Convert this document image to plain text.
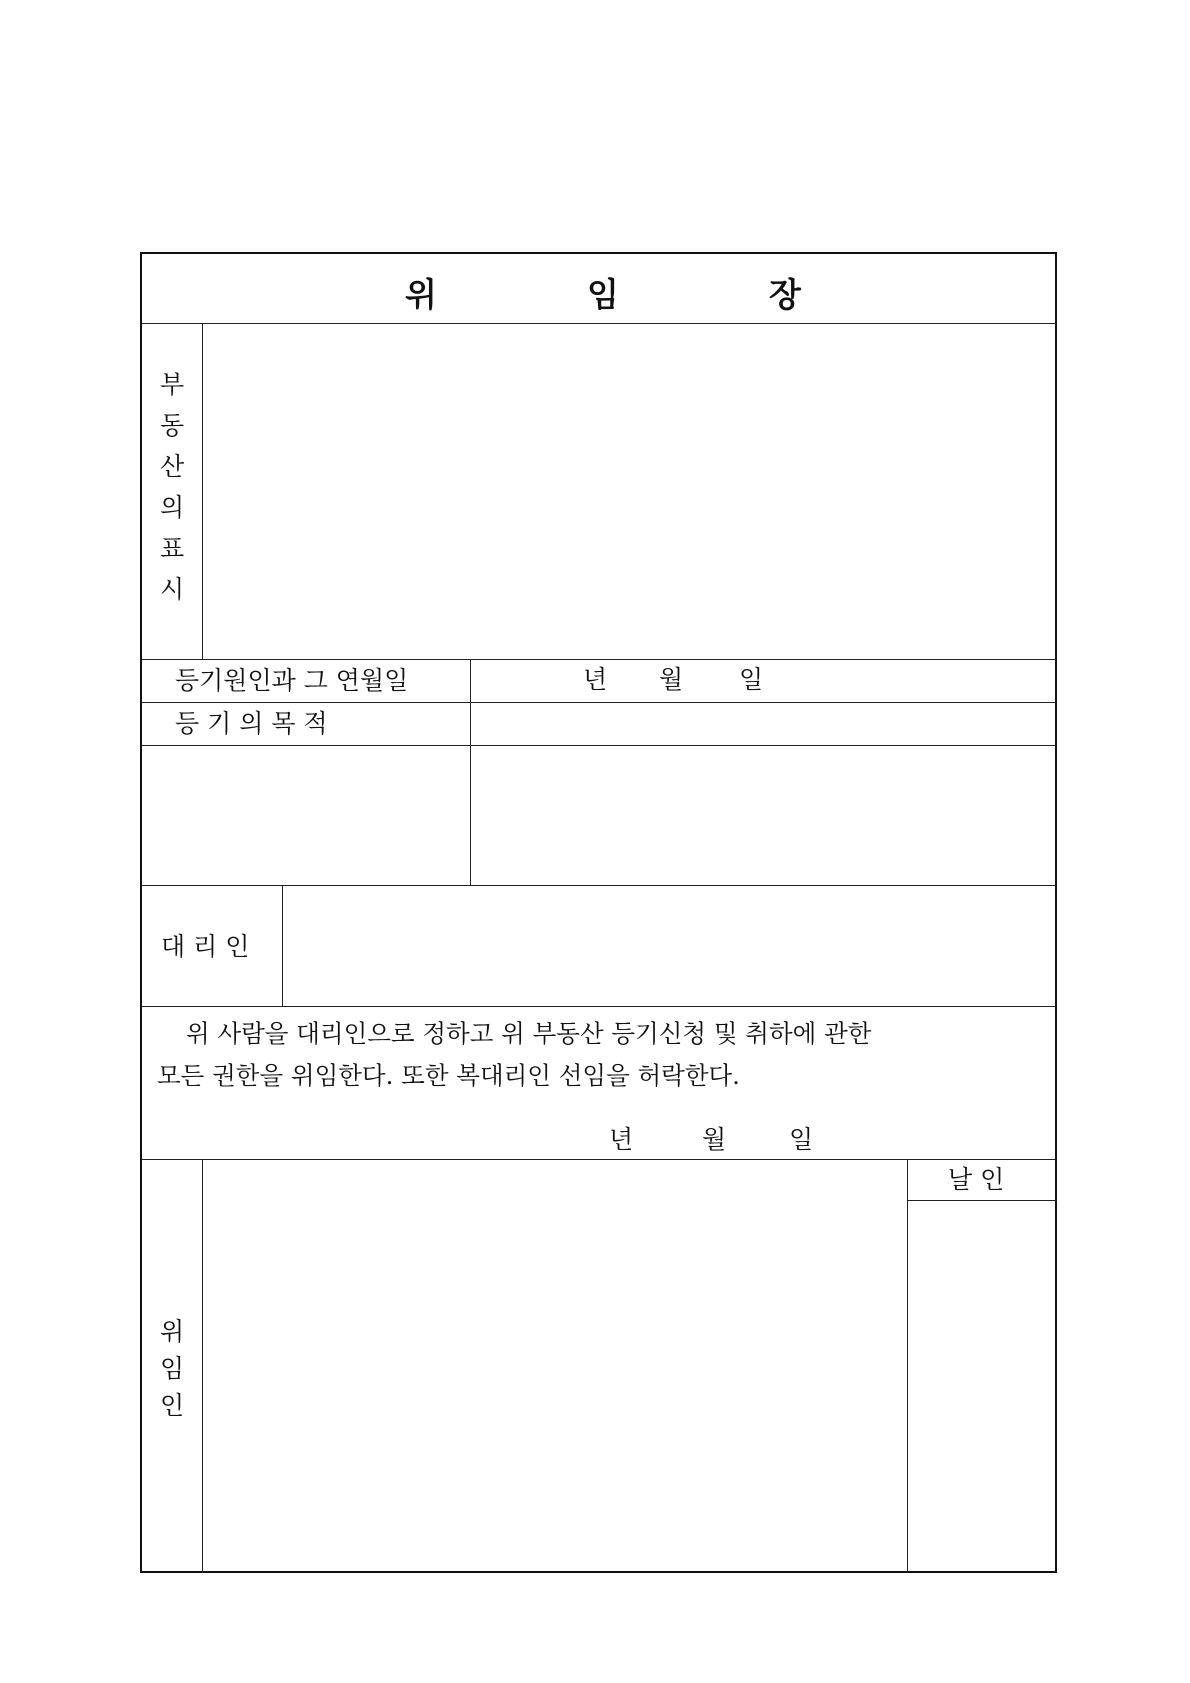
위	임	장
부
동
산
의
표
시
등기원인과 그 연월일	년 월 일
등 기 의 목 적
대 리 인
위 사람을 대리인으로 정하고 위 부동산 등기신청 및 취하에 관한
모든 권한을 위임한다. 또한 복대리인 선임을 허락한다.
년	월	일
위
임
인
날 인
